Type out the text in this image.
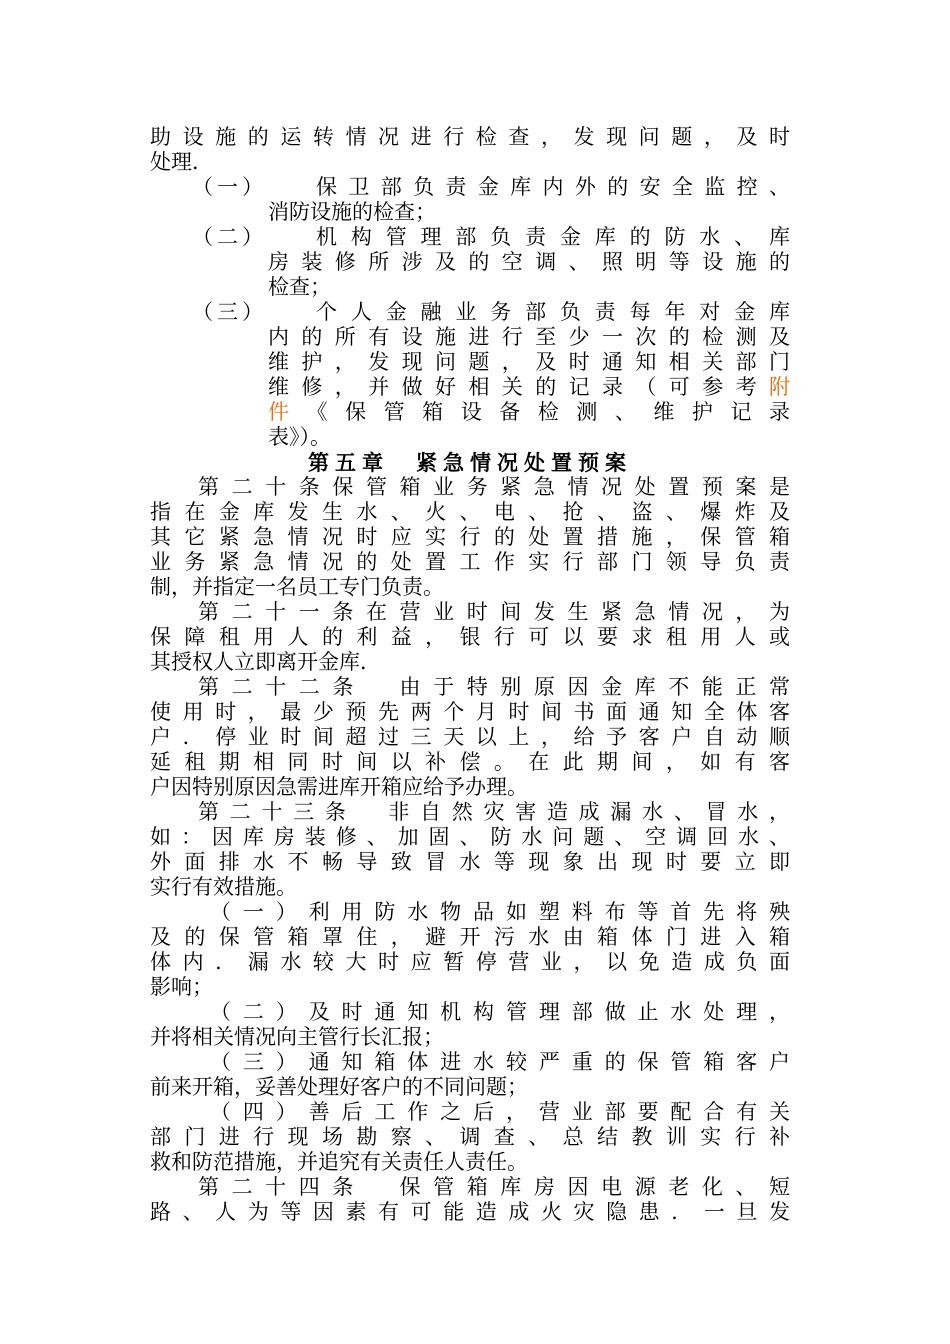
助设施的运转情况进行检查，发现问题，及时
处理．
（一） 保卫部负责金库内外的安全监控、
消防设施的检查；
（二） 机构管理部负责金库的防水、库
房装修所涉及的空调、照明等设施的
检查；
（三） 个人金融业务部负责每年对金库
内的所有设施进行至少一次的检测及
维护，发现问题，及时通知相关部门
维修，并做好相关的记录（可参考附
件《保管箱设备检测、维护记录
表》）。
第五章　紧急情况处置预案
第二十条保管箱业务紧急情况处置预案是
指在金库发生水、火、电、抢、盗、爆炸及
其它紧急情况时应实行的处置措施，保管箱
业务紧急情况的处置工作实行部门领导负责
制，并指定一名员工专门负责。
第二十一条在营业时间发生紧急情况，为
保障租用人的利益，银行可以要求租用人或
其授权人立即离开金库．
第二十二条　由于特别原因金库不能正常
使用时，最少预先两个月时间书面通知全体客
户．停业时间超过三天以上，给予客户自动顺
延租期相同时间以补偿。在此期间，如有客
户因特别原因急需进库开箱应给予办理。
第二十三条　非自然灾害造成漏水、冒水，
如：因库房装修、加固、防水问题、空调回水、
外面排水不畅导致冒水等现象出现时要立即
实行有效措施。
（一）利用防水物品如塑料布等首先将殃
及的保管箱罩住，避开污水由箱体门进入箱
体内．漏水较大时应暂停营业，以免造成负面
影响；
（二）及时通知机构管理部做止水处理，
并将相关情况向主管行长汇报；
（三）通知箱体进水较严重的保管箱客户
前来开箱，妥善处理好客户的不同问题；
（四）善后工作之后，营业部要配合有关
部门进行现场勘察、调查、总结教训实行补
救和防范措施，并追究有关责任人责任。
第二十四条　保管箱库房因电源老化、短
路、人为等因素有可能造成火灾隐患．一旦发
